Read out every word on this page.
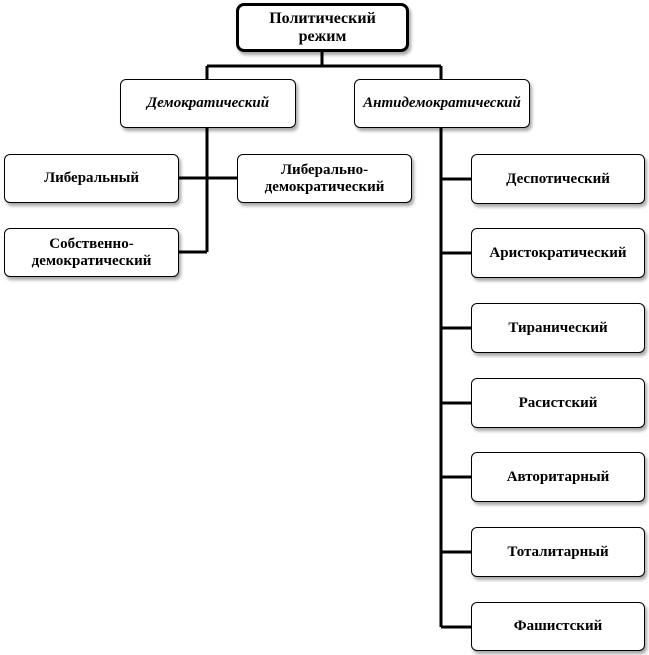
Политический режим
Демократический	Антидемократический
Либеральный
Либерально-демократический
Собственно-демократический
Деспотический
Аристократический
Тиранический
Расистский
Авторитарный
Тоталитарный
Фашистский
